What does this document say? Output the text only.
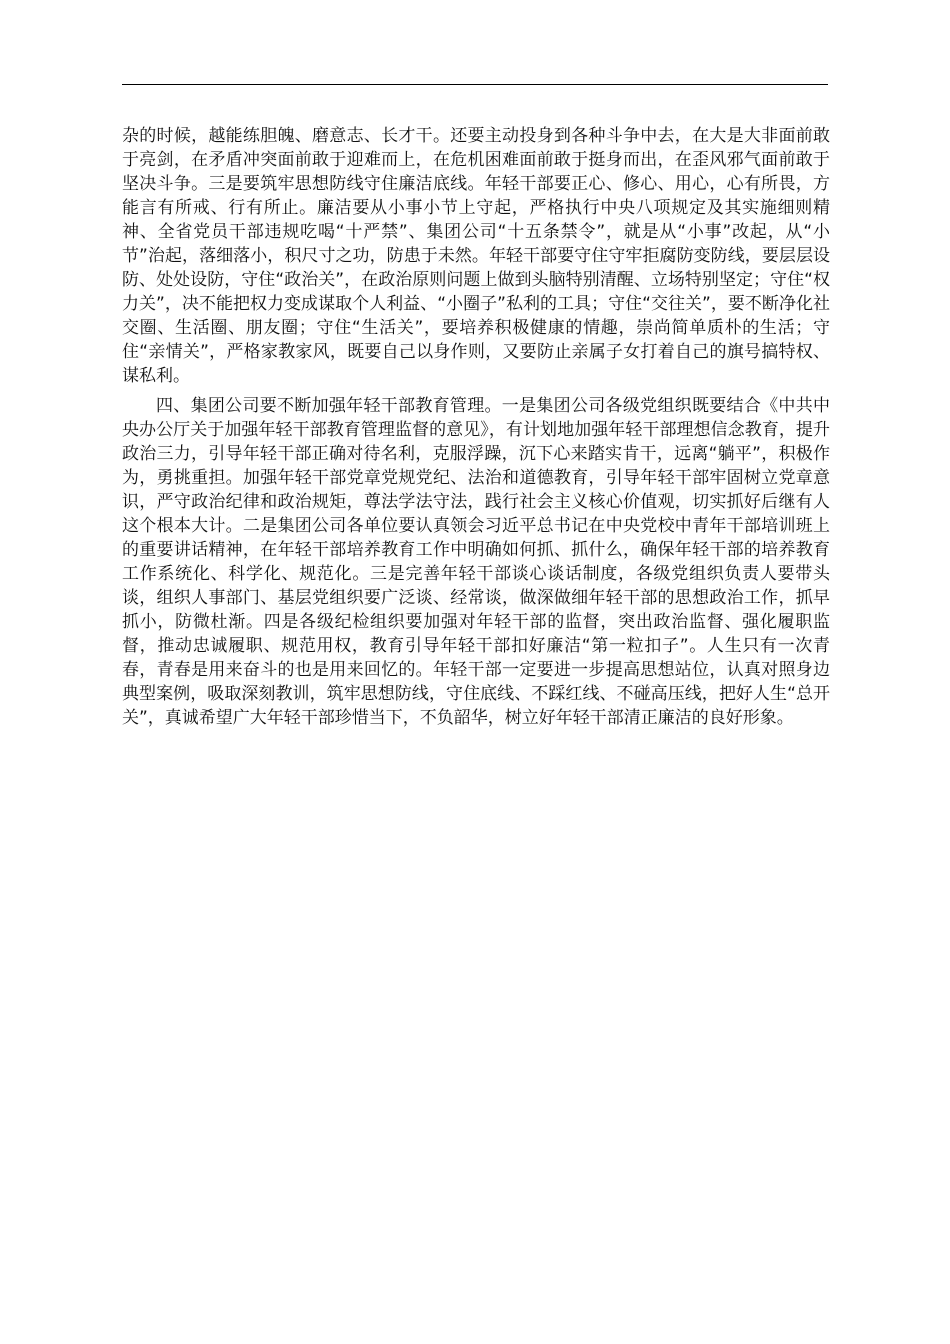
杂的时候，越能练胆魄、磨意志、长才干。还要主动投身到各种斗争中去，在大是大非面前敢于亮剑，在矛盾冲突面前敢于迎难而上，在危机困难面前敢于挺身而出，在歪风邪气面前敢于坚决斗争。三是要筑牢思想防线守住廉洁底线。年轻干部要正心、修心、用心，心有所畏，方能言有所戒、行有所止。廉洁要从小事小节上守起，严格执行中央八项规定及其实施细则精神、全省党员干部违规吃喝“十严禁”、集团公司“十五条禁令”，就是从“小事”改起，从“小节”治起，落细落小，积尺寸之功，防患于未然。年轻干部要守住守牢拒腐防变防线，要层层设防、处处设防，守住“政治关”，在政治原则问题上做到头脑特别清醒、立场特别坚定；守住“权力关”，决不能把权力变成谋取个人利益、“小圈子”私利的工具；守住“交往关”，要不断净化社交圈、生活圈、朋友圈；守住“生活关”，要培养积极健康的情趣，崇尚简单质朴的生活；守住“亲情关”，严格家教家风，既要自己以身作则，又要防止亲属子女打着自己的旗号搞特权、谋私利。

四、集团公司要不断加强年轻干部教育管理。一是集团公司各级党组织既要结合《中共中央办公厅关于加强年轻干部教育管理监督的意见》，有计划地加强年轻干部理想信念教育，提升政治三力，引导年轻干部正确对待名利，克服浮躁，沉下心来踏实肯干，远离“躺平”，积极作为，勇挑重担。加强年轻干部党章党规党纪、法治和道德教育，引导年轻干部牢固树立党章意识，严守政治纪律和政治规矩，尊法学法守法，践行社会主义核心价值观，切实抓好后继有人这个根本大计。二是集团公司各单位要认真领会习近平总书记在中央党校中青年干部培训班上的重要讲话精神，在年轻干部培养教育工作中明确如何抓、抓什么，确保年轻干部的培养教育工作系统化、科学化、规范化。三是完善年轻干部谈心谈话制度，各级党组织负责人要带头谈，组织人事部门、基层党组织要广泛谈、经常谈，做深做细年轻干部的思想政治工作，抓早抓小，防微杜渐。四是各级纪检组织要加强对年轻干部的监督，突出政治监督、强化履职监督，推动忠诚履职、规范用权，教育引导年轻干部扣好廉洁“第一粒扣子”。人生只有一次青春，青春是用来奋斗的也是用来回忆的。年轻干部一定要进一步提高思想站位，认真对照身边典型案例，吸取深刻教训，筑牢思想防线，守住底线、不踩红线、不碰高压线，把好人生“总开关”，真诚希望广大年轻干部珍惜当下，不负韶华，树立好年轻干部清正廉洁的良好形象。
